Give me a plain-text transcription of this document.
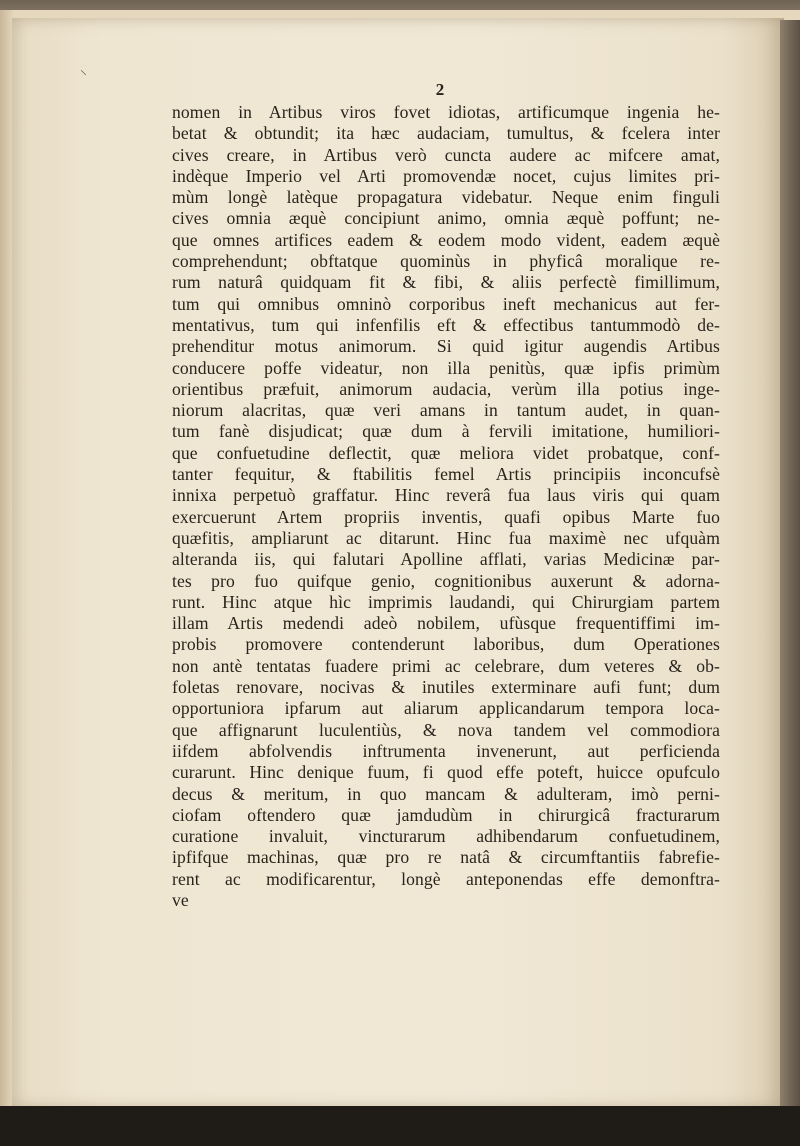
⸌
2
nomen in Artibus viros fovet idiotas, artificumque ingenia he-
betat & obtundit; ita hæc audaciam, tumultus, & fcelera inter
cives creare, in Artibus verò cuncta audere ac mifcere amat,
indèque Imperio vel Arti promovendæ nocet, cujus limites pri-
mùm longè latèque propagatura videbatur. Neque enim finguli
cives omnia æquè concipiunt animo, omnia æquè poffunt; ne-
que omnes artifices eadem & eodem modo vident, eadem æquè
comprehendunt; obftatque quominùs in phyficâ moralique re-
rum naturâ quidquam fit & fibi, & aliis perfectè fimillimum,
tum qui omnibus omninò corporibus ineft mechanicus aut fer-
mentativus, tum qui infenfilis eft & effectibus tantummodò de-
prehenditur motus animorum. Si quid igitur augendis Artibus
conducere poffe videatur, non illa penitùs, quæ ipfis primùm
orientibus præfuit, animorum audacia, verùm illa potius inge-
niorum alacritas, quæ veri amans in tantum audet, in quan-
tum fanè disjudicat; quæ dum à fervili imitatione, humiliori-
que confuetudine deflectit, quæ meliora videt probatque, conf-
tanter fequitur, & ftabilitis femel Artis principiis inconcufsè
innixa perpetuò graffatur. Hinc reverâ fua laus viris qui quam
exercuerunt Artem propriis inventis, quafi opibus Marte fuo
quæfitis, ampliarunt ac ditarunt. Hinc fua maximè nec ufquàm
alteranda iis, qui falutari Apolline afflati, varias Medicinæ par-
tes pro fuo quifque genio, cognitionibus auxerunt & adorna-
runt. Hinc atque hìc imprimis laudandi, qui Chirurgiam partem
illam Artis medendi adeò nobilem, ufùsque frequentiffimi im-
probis promovere contenderunt laboribus, dum Operationes
non antè tentatas fuadere primi ac celebrare, dum veteres & ob-
foletas renovare, nocivas & inutiles exterminare aufi funt; dum
opportuniora ipfarum aut aliarum applicandarum tempora loca-
que affignarunt luculentiùs, & nova tandem vel commodiora
iifdem abfolvendis inftrumenta invenerunt, aut perficienda
curarunt. Hinc denique fuum, fi quod effe poteft, huicce opufculo
decus & meritum, in quo mancam & adulteram, imò perni-
ciofam oftendero quæ jamdudùm in chirurgicâ fracturarum
curatione invaluit, vincturarum adhibendarum confuetudinem,
ipfifque machinas, quæ pro re natâ & circumftantiis fabrefie-
rent ac modificarentur, longè anteponendas effe demonftra-
ve
